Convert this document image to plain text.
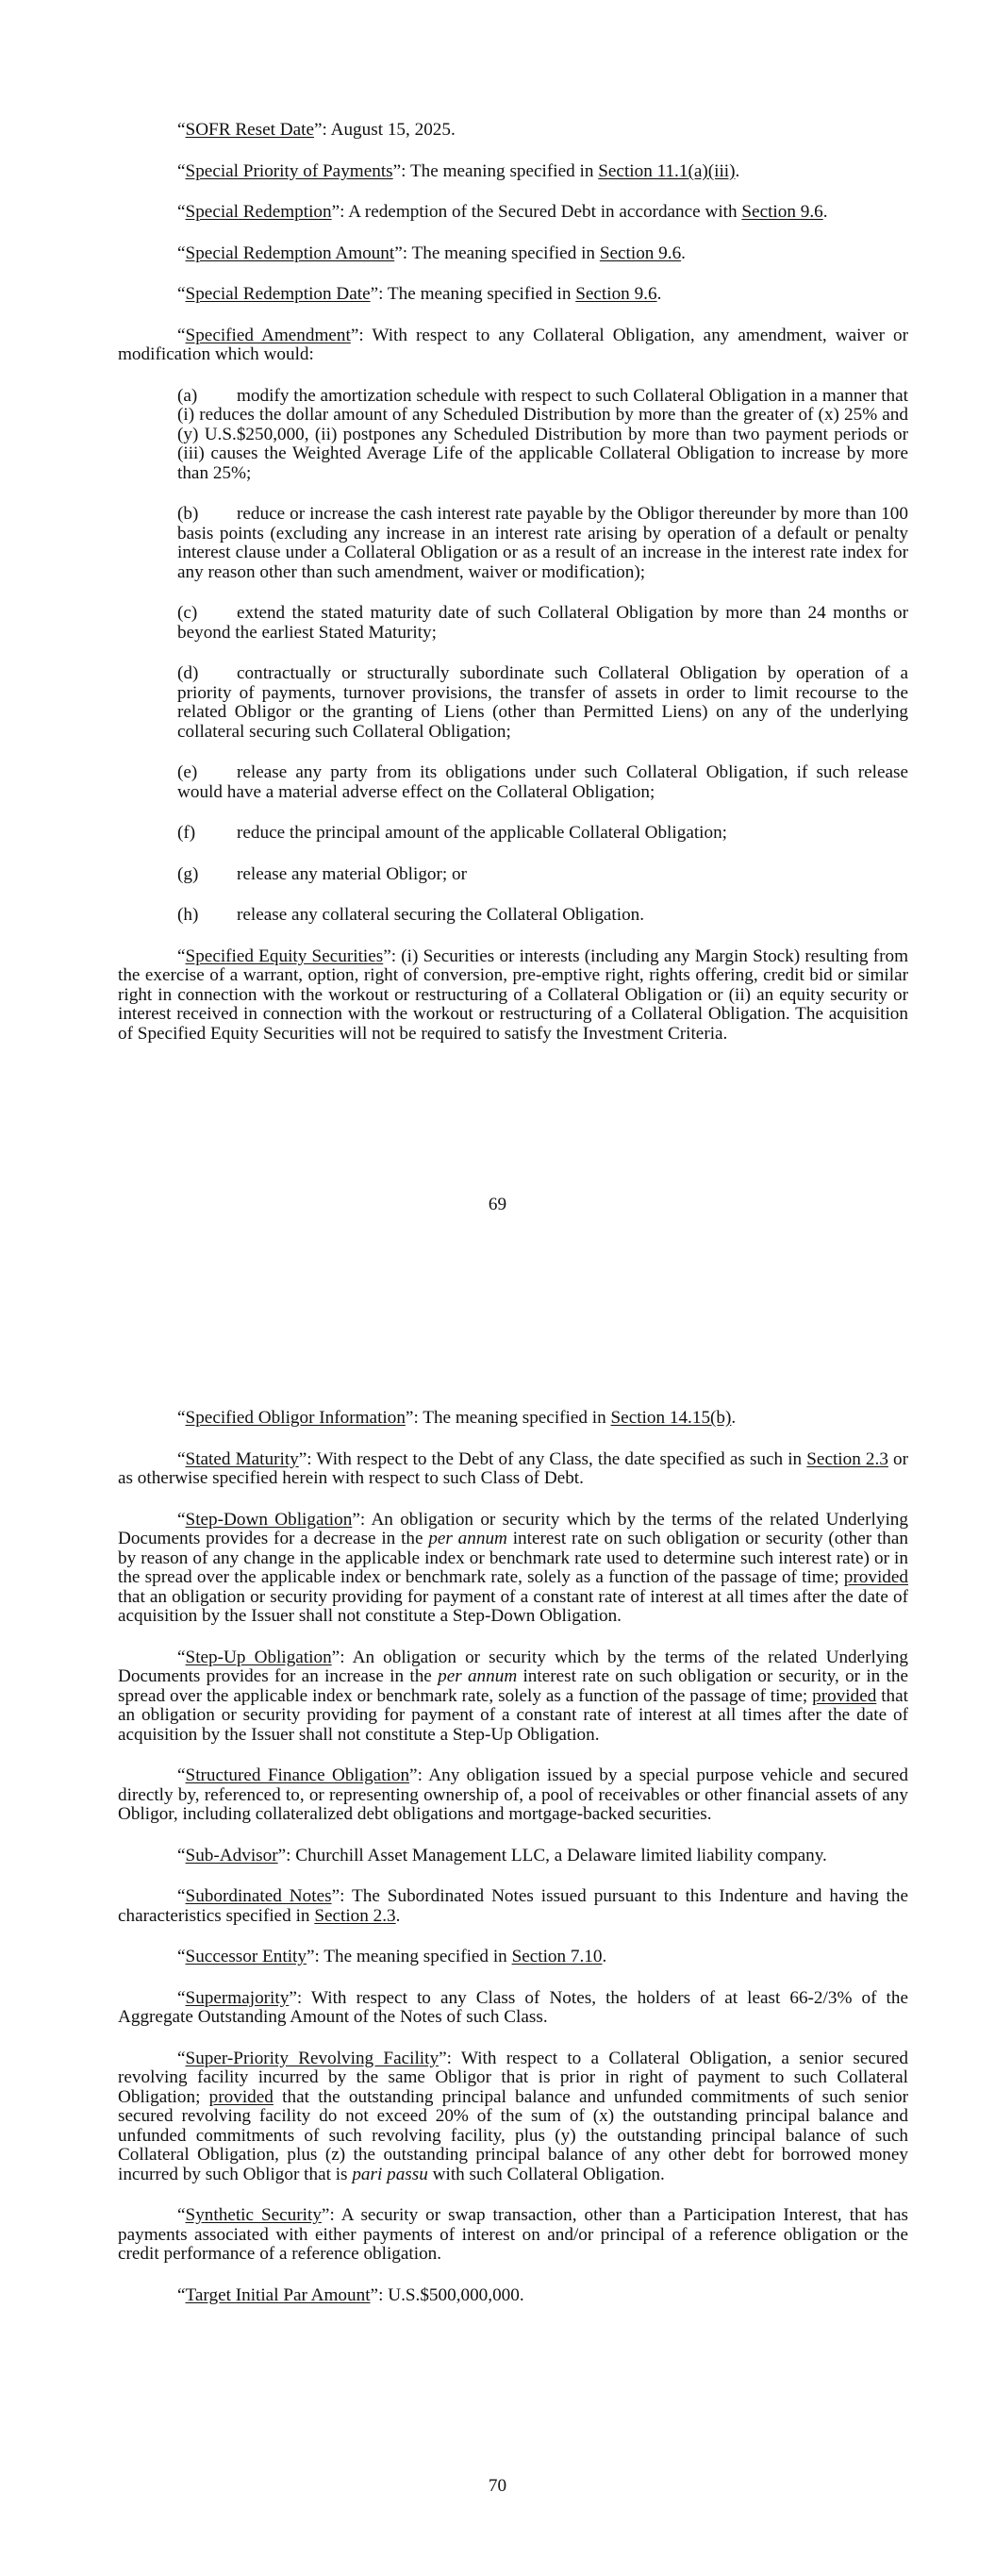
“SOFR Reset Date”: August 15, 2025.

“Special Priority of Payments”: The meaning specified in Section 11.1(a)(iii).

“Special Redemption”: A redemption of the Secured Debt in accordance with Section 9.6.

“Special Redemption Amount”: The meaning specified in Section 9.6.

“Special Redemption Date”: The meaning specified in Section 9.6.

“Specified Amendment”: With respect to any Collateral Obligation, any amendment, waiver or modification which would:

(a) modify the amortization schedule with respect to such Collateral Obligation in a manner that (i) reduces the dollar amount of any Scheduled Distribution by more than the greater of (x) 25% and (y) U.S.$250,000, (ii) postpones any Scheduled Distribution by more than two payment periods or (iii) causes the Weighted Average Life of the applicable Collateral Obligation to increase by more than 25%;

(b) reduce or increase the cash interest rate payable by the Obligor thereunder by more than 100 basis points (excluding any increase in an interest rate arising by operation of a default or penalty interest clause under a Collateral Obligation or as a result of an increase in the interest rate index for any reason other than such amendment, waiver or modification);

(c) extend the stated maturity date of such Collateral Obligation by more than 24 months or beyond the earliest Stated Maturity;

(d) contractually or structurally subordinate such Collateral Obligation by operation of a priority of payments, turnover provisions, the transfer of assets in order to limit recourse to the related Obligor or the granting of Liens (other than Permitted Liens) on any of the underlying collateral securing such Collateral Obligation;

(e) release any party from its obligations under such Collateral Obligation, if such release would have a material adverse effect on the Collateral Obligation;

(f) reduce the principal amount of the applicable Collateral Obligation;

(g) release any material Obligor; or

(h) release any collateral securing the Collateral Obligation.

“Specified Equity Securities”: (i) Securities or interests (including any Margin Stock) resulting from the exercise of a warrant, option, right of conversion, pre-emptive right, rights offering, credit bid or similar right in connection with the workout or restructuring of a Collateral Obligation or (ii) an equity security or interest received in connection with the workout or restructuring of a Collateral Obligation. The acquisition of Specified Equity Securities will not be required to satisfy the Investment Criteria.

69

“Specified Obligor Information”: The meaning specified in Section 14.15(b).

“Stated Maturity”: With respect to the Debt of any Class, the date specified as such in Section 2.3 or as otherwise specified herein with respect to such Class of Debt.

“Step-Down Obligation”: An obligation or security which by the terms of the related Underlying Documents provides for a decrease in the per annum interest rate on such obligation or security (other than by reason of any change in the applicable index or benchmark rate used to determine such interest rate) or in the spread over the applicable index or benchmark rate, solely as a function of the passage of time; provided that an obligation or security providing for payment of a constant rate of interest at all times after the date of acquisition by the Issuer shall not constitute a Step-Down Obligation.

“Step-Up Obligation”: An obligation or security which by the terms of the related Underlying Documents provides for an increase in the per annum interest rate on such obligation or security, or in the spread over the applicable index or benchmark rate, solely as a function of the passage of time; provided that an obligation or security providing for payment of a constant rate of interest at all times after the date of acquisition by the Issuer shall not constitute a Step-Up Obligation.

“Structured Finance Obligation”: Any obligation issued by a special purpose vehicle and secured directly by, referenced to, or representing ownership of, a pool of receivables or other financial assets of any Obligor, including collateralized debt obligations and mortgage-backed securities.

“Sub-Advisor”: Churchill Asset Management LLC, a Delaware limited liability company.

“Subordinated Notes”: The Subordinated Notes issued pursuant to this Indenture and having the characteristics specified in Section 2.3.

“Successor Entity”: The meaning specified in Section 7.10.

“Supermajority”: With respect to any Class of Notes, the holders of at least 66-2/3% of the Aggregate Outstanding Amount of the Notes of such Class.

“Super-Priority Revolving Facility”: With respect to a Collateral Obligation, a senior secured revolving facility incurred by the same Obligor that is prior in right of payment to such Collateral Obligation; provided that the outstanding principal balance and unfunded commitments of such senior secured revolving facility do not exceed 20% of the sum of (x) the outstanding principal balance and unfunded commitments of such revolving facility, plus (y) the outstanding principal balance of such Collateral Obligation, plus (z) the outstanding principal balance of any other debt for borrowed money incurred by such Obligor that is pari passu with such Collateral Obligation.

“Synthetic Security”: A security or swap transaction, other than a Participation Interest, that has payments associated with either payments of interest on and/or principal of a reference obligation or the credit performance of a reference obligation.

“Target Initial Par Amount”: U.S.$500,000,000.

70
